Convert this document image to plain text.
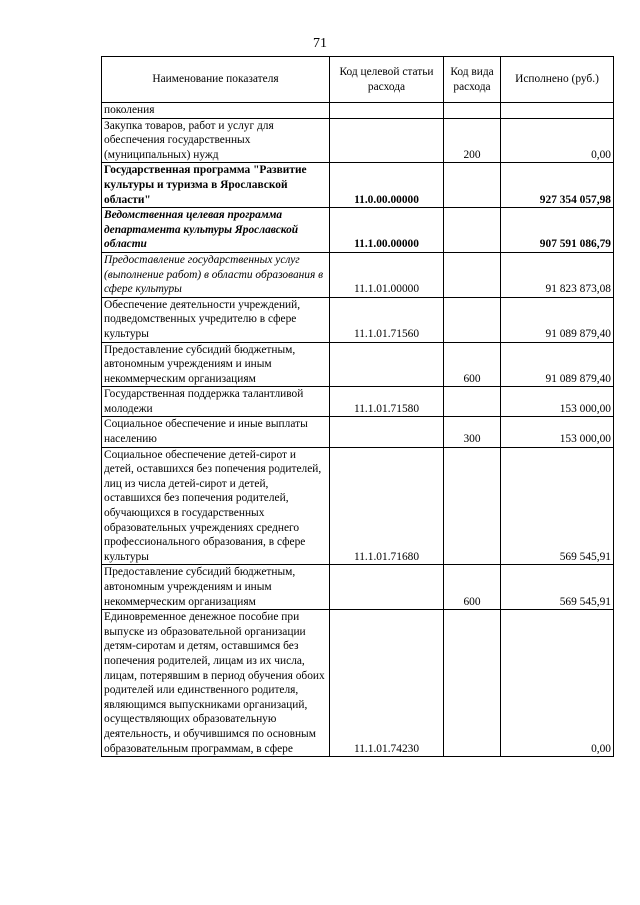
71
Наименование показателя	Код целевой статьи расхода	Код вида расхода	Исполнено (руб.)
поколения			
Закупка товаров, работ и услуг для обеспечения государственных (муниципальных) нужд		200	0,00
Государственная программа "Развитие культуры и туризма в Ярославской области"	11.0.00.00000		927 354 057,98
Ведомственная целевая программа департамента культуры Ярославской области	11.1.00.00000		907 591 086,79
Предоставление государственных услуг (выполнение работ) в области образования в сфере культуры	11.1.01.00000		91 823 873,08
Обеспечение деятельности учреждений, подведомственных учредителю в сфере культуры	11.1.01.71560		91 089 879,40
Предоставление субсидий бюджетным, автономным учреждениям и иным некоммерческим организациям		600	91 089 879,40
Государственная поддержка талантливой молодежи	11.1.01.71580		153 000,00
Социальное обеспечение и иные выплаты населению		300	153 000,00
Социальное обеспечение детей-сирот и детей, оставшихся без попечения родителей, лиц из числа детей-сирот и детей, оставшихся без попечения родителей, обучающихся в государственных образовательных учреждениях среднего профессионального образования, в сфере культуры	11.1.01.71680		569 545,91
Предоставление субсидий бюджетным, автономным учреждениям и иным некоммерческим организациям		600	569 545,91
Единовременное денежное пособие при выпуске из образовательной организации детям-сиротам и детям, оставшимся без попечения родителей, лицам из их числа, лицам, потерявшим в период обучения обоих родителей или единственного родителя, являющимся выпускниками организаций, осуществляющих образовательную деятельность, и обучившимся по основным образовательным программам, в сфере	11.1.01.74230		0,00
